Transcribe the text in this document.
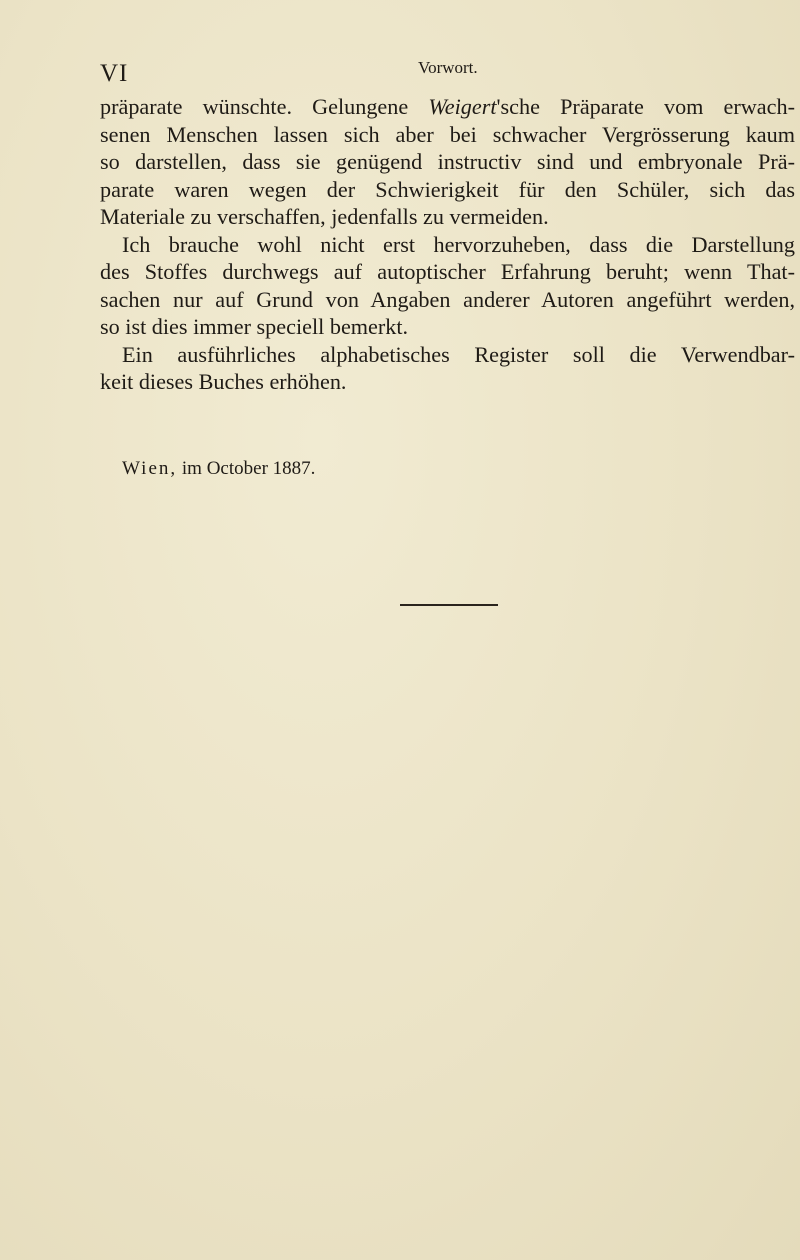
VI	Vorwort.
präparate wünschte. Gelungene Weigert'sche Präparate vom erwach-
senen Menschen lassen sich aber bei schwacher Vergrösserung kaum
so darstellen, dass sie genügend instructiv sind und embryonale Prä-
parate waren wegen der Schwierigkeit für den Schüler, sich das
Materiale zu verschaffen, jedenfalls zu vermeiden.
Ich brauche wohl nicht erst hervorzuheben, dass die Darstellung
des Stoffes durchwegs auf autoptischer Erfahrung beruht; wenn That-
sachen nur auf Grund von Angaben anderer Autoren angeführt werden,
so ist dies immer speciell bemerkt.
Ein ausführliches alphabetisches Register soll die Verwendbar-
keit dieses Buches erhöhen.
Wien, im October 1887.
